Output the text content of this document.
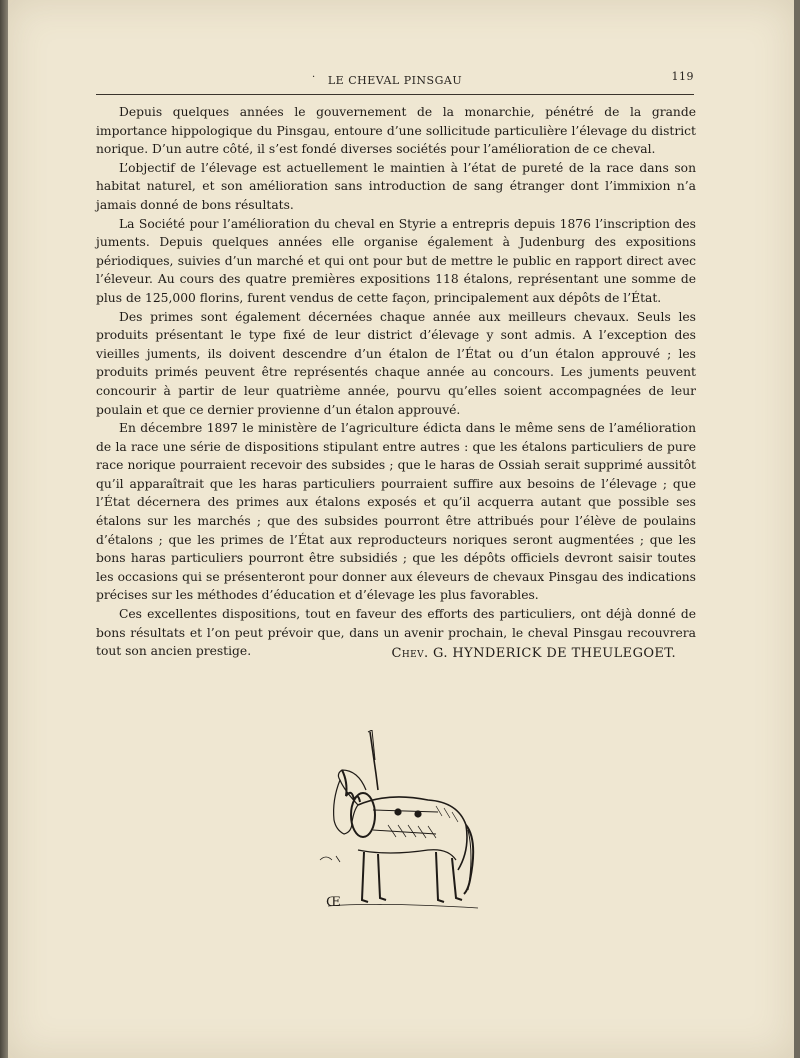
·	LE CHEVAL PINSGAU	119

Depuis quelques années le gouvernement de la monarchie, pénétré de la grande importance hippologique du Pinsgau, entoure d’une sollicitude particulière l’élevage du district norique. D’un autre côté, il s’est fondé diverses sociétés pour l’amélioration de ce cheval.

L’objectif de l’élevage est actuellement le maintien à l’état de pureté de la race dans son habitat naturel, et son amélioration sans introduction de sang étranger dont l’immixion n’a jamais donné de bons résultats.

La Société pour l’amélioration du cheval en Styrie a entrepris depuis 1876 l’inscription des juments. Depuis quelques années elle organise également à Judenburg des expositions périodiques, suivies d’un marché et qui ont pour but de mettre le public en rapport direct avec l’éleveur. Au cours des quatre premières expositions 118 étalons, représentant une somme de plus de 125,000 florins, furent vendus de cette façon, principalement aux dépôts de l’État.

Des primes sont également décernées chaque année aux meilleurs chevaux. Seuls les produits présentant le type fixé de leur district d’élevage y sont admis. A l’exception des vieilles juments, ils doivent descendre d’un étalon de l’État ou d’un étalon approuvé ; les produits primés peuvent être représentés chaque année au concours. Les juments peuvent concourir à partir de leur quatrième année, pourvu qu’elles soient accompagnées de leur poulain et que ce dernier provienne d’un étalon approuvé.

En décembre 1897 le ministère de l’agriculture édicta dans le même sens de l’amélioration de la race une série de dispositions stipulant entre autres : que les étalons particuliers de pure race norique pourraient recevoir des subsides ; que le haras de Ossiah serait supprimé aussitôt qu’il apparaîtrait que les haras particuliers pourraient suffire aux besoins de l’élevage ; que l’État décernera des primes aux étalons exposés et qu’il acquerra autant que possible ses étalons sur les marchés ; que des subsides pourront être attribués pour l’élève de poulains d’étalons ; que les primes de l’État aux reproducteurs noriques seront augmentées ; que les bons haras particuliers pourront être subsidiés ; que les dépôts officiels devront saisir toutes les occasions qui se présenteront pour donner aux éleveurs de chevaux Pinsgau des indications précises sur les méthodes d’éducation et d’élevage les plus favorables.

Ces excellentes dispositions, tout en faveur des efforts des particuliers, ont déjà donné de bons résultats et l’on peut prévoir que, dans un avenir prochain, le cheval Pinsgau recouvrera tout son ancien prestige.	Chev. G. HYNDERICK DE THEULEGOET.
Œ
